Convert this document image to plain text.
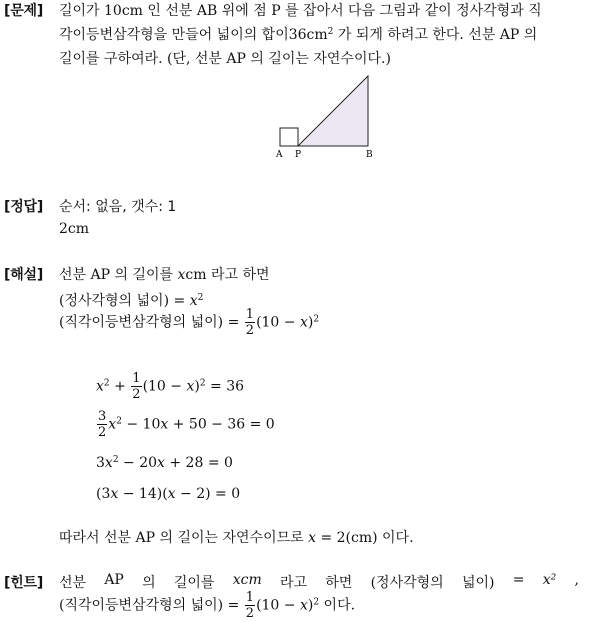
[문제] 길이가 10cm 인 선분 AB 위에 점 P 를 잡아서 다음 그림과 같이 정사각형과 직
각이등변삼각형을 만들어 넓이의 합이$36cm^2$ 가 되게 하려고 한다. 선분 AP 의
길이를 구하여라. (단, 선분 AP 의 길이는 자연수이다.)
A P	B
[정답] 순서: 없음, 갯수: 1
2cm
[해설] 선분 AP 의 길이를 xcm 라고 하면
(정사각형의 넓이) = $x^2$
(직각이등변삼각형의 넓이) = $\frac{1}{2} (10 - x)^2$
$x^2 + \frac{1}{2} (10 - x)^2 = 36$
$\frac{3}{2} x^2 - 10x + 50 - 36 = 0$
$3x^2 - 20x + 28 = 0$
(3x − 14)(x − 2) = 0
따라서 선분 AP 의 길이는 자연수이므로 x = 2(cm) 이다.
[힌트] 선분 AP 의 길이를 xcm 라고 하면 (정사각형의 넓이) = x² ,
(직각이등변삼각형의 넓이) = $\frac{1}{2} (10 - x)^2$ 이다.
